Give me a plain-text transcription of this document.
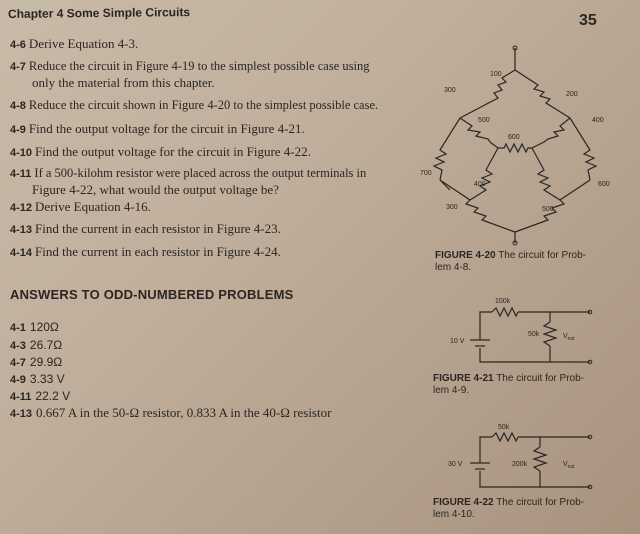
Chapter 4 Some Simple Circuits	35
4-6 Derive Equation 4-3.
4-7 Reduce the circuit in Figure 4-19 to the simplest possible case using
only the material from this chapter.
4-8 Reduce the circuit shown in Figure 4-20 to the simplest possible case.
4-9 Find the output voltage for the circuit in Figure 4-21.
4-10 Find the output voltage for the circuit in Figure 4-22.
4-11 If a 500-kilohm resistor were placed across the output terminals in
Figure 4-22, what would the output voltage be?
4-12 Derive Equation 4-16.
4-13 Find the current in each resistor in Figure 4-23.
4-14 Find the current in each resistor in Figure 4-24.
ANSWERS TO ODD-NUMBERED PROBLEMS
4-1 120Ω
4-3 26.7Ω
4-7 29.9Ω
4-9 3.33 V
4-11 22.2 V
4-13 0.667 A in the 50-Ω resistor, 0.833 A in the 40-Ω resistor
100
300
200
500	400
600
700
400	600
300	500
FIGURE 4-20 The circuit for Prob-
lem 4-8.
100k
50k
10 V
$V_{out}$
FIGURE 4-21 The circuit for Prob-
lem 4-9.
50k
200k
30 V	$V_{out}$
FIGURE 4-22 The circuit for Prob-
lem 4-10.
